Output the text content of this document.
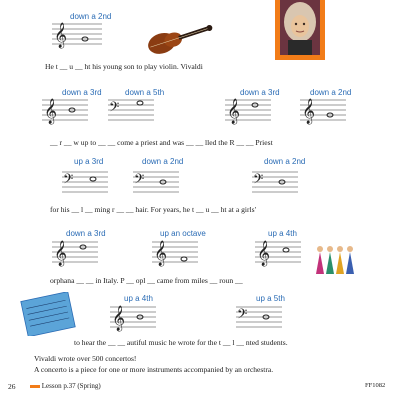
down a 2nd
𝄞
He t __ u __ ht his young son to play violin. Vivaldi
down a 3rd	down a 5th	down a 3rd	down a 2nd
𝄞	𝄢	𝄞	𝄞
__ r __ w up to __ __ come a priest and was __ __ lled the R __ __ Priest
up a 3rd	down a 2nd	down a 2nd
𝄢	𝄢	𝄢
for his __ l __ ming r __ __ hair. For years, he t __ u __ ht at a girls'
down a 3rd	up an octave	up a 4th
𝄞	𝄞	𝄞
orphana __ __ in Italy. P __ opl __ came from miles __ roun __
up a 4th	up a 5th
𝄞	𝄢
to hear the __ __ autiful music he wrote for the t __ l __ nted students.
Vivaldi wrote over 500 concertos!
A concerto is a piece for one or more instruments accompanied by an orchestra.
26	Lesson p.37 (Spring)	FF1082
